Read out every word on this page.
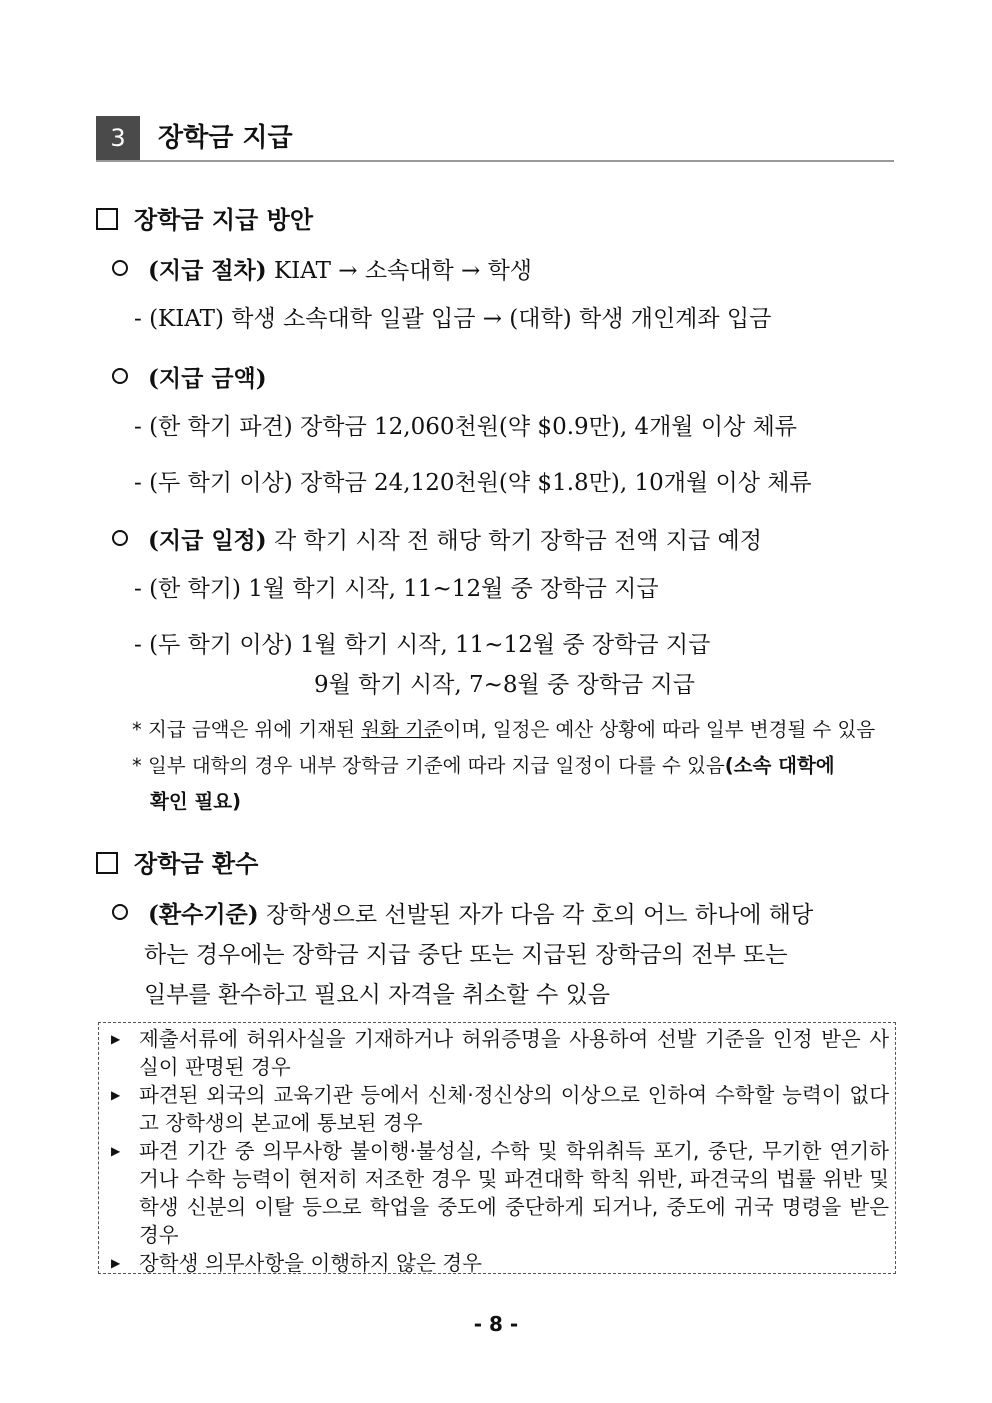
3	장학금 지급
장학금 지급 방안
(지급 절차) KIAT → 소속대학 → 학생
- (KIAT) 학생 소속대학 일괄 입금 → (대학) 학생 개인계좌 입금
(지급 금액)
- (한 학기 파견) 장학금 12,060천원(약 $0.9만), 4개월 이상 체류
- (두 학기 이상) 장학금 24,120천원(약 $1.8만), 10개월 이상 체류
(지급 일정) 각 학기 시작 전 해당 학기 장학금 전액 지급 예정
- (한 학기) 1월 학기 시작, 11~12월 중 장학금 지급
- (두 학기 이상) 1월 학기 시작, 11~12월 중 장학금 지급
9월 학기 시작, 7~8월 중 장학금 지급
* 지급 금액은 위에 기재된 원화 기준이며, 일정은 예산 상황에 따라 일부 변경될 수 있음
* 일부 대학의 경우 내부 장학금 기준에 따라 지급 일정이 다를 수 있음(소속 대학에
확인 필요)
장학금 환수
(환수기준) 장학생으로 선발된 자가 다음 각 호의 어느 하나에 해당
하는 경우에는 장학금 지급 중단 또는 지급된 장학금의 전부 또는
일부를 환수하고 필요시 자격을 취소할 수 있음
▶ 제출서류에 허위사실을 기재하거나 허위증명을 사용하여 선발 기준을 인정 받은 사실이 판명된 경우
▶ 파견된 외국의 교육기관 등에서 신체·정신상의 이상으로 인하여 수학할 능력이 없다고 장학생의 본교에 통보된 경우
▶ 파견 기간 중 의무사항 불이행·불성실, 수학 및 학위취득 포기, 중단, 무기한 연기하거나 수학 능력이 현저히 저조한 경우 및 파견대학 학칙 위반, 파견국의 법률 위반 및 학생 신분의 이탈 등으로 학업을 중도에 중단하게 되거나, 중도에 귀국 명령을 받은 경우
▶ 장학생 의무사항을 이행하지 않은 경우
- 8 -
